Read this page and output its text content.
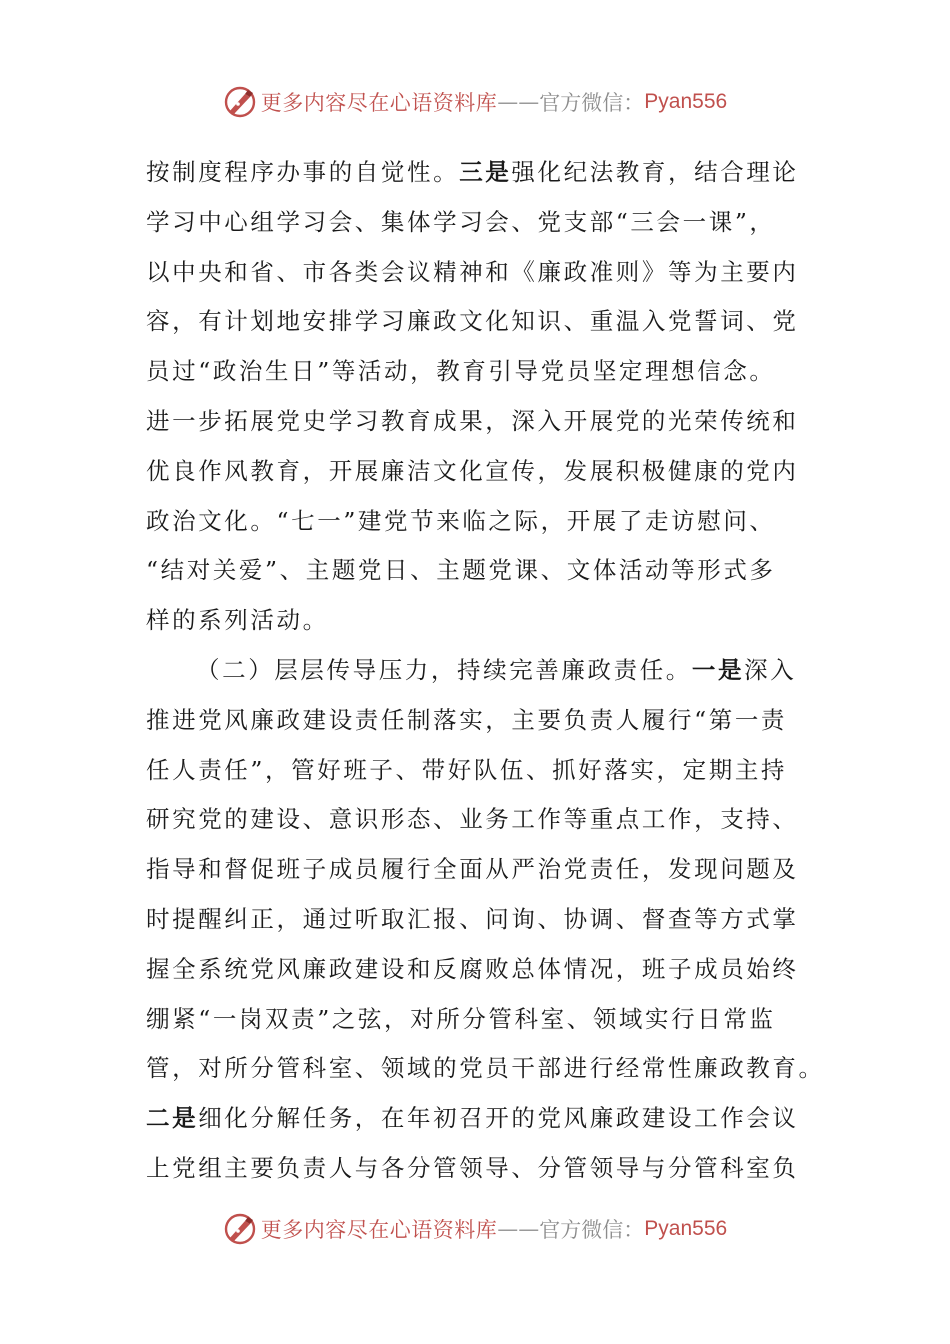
更多内容尽在心语资料库 —— 官方微信： Pyan556
按制度程序办事的自觉性。三是强化纪法教育，结合理论
学习中心组学习会、集体学习会、党支部“三会一课”，
以中央和省、市各类会议精神和《廉政准则》等为主要内
容，有计划地安排学习廉政文化知识、重温入党誓词、党
员过“政治生日”等活动，教育引导党员坚定理想信念。
进一步拓展党史学习教育成果，深入开展党的光荣传统和
优良作风教育，开展廉洁文化宣传，发展积极健康的党内
政治文化。“七一”建党节来临之际，开展了走访慰问、
“结对关爱”、主题党日、主题党课、文体活动等形式多
样的系列活动。
（二）层层传导压力，持续完善廉政责任。一是深入
推进党风廉政建设责任制落实，主要负责人履行“第一责
任人责任”，管好班子、带好队伍、抓好落实，定期主持
研究党的建设、意识形态、业务工作等重点工作，支持、
指导和督促班子成员履行全面从严治党责任，发现问题及
时提醒纠正，通过听取汇报、问询、协调、督查等方式掌
握全系统党风廉政建设和反腐败总体情况，班子成员始终
绷紧“一岗双责”之弦，对所分管科室、领域实行日常监
管，对所分管科室、领域的党员干部进行经常性廉政教育。
二是细化分解任务，在年初召开的党风廉政建设工作会议
上党组主要负责人与各分管领导、分管领导与分管科室负
更多内容尽在心语资料库 —— 官方微信： Pyan556
